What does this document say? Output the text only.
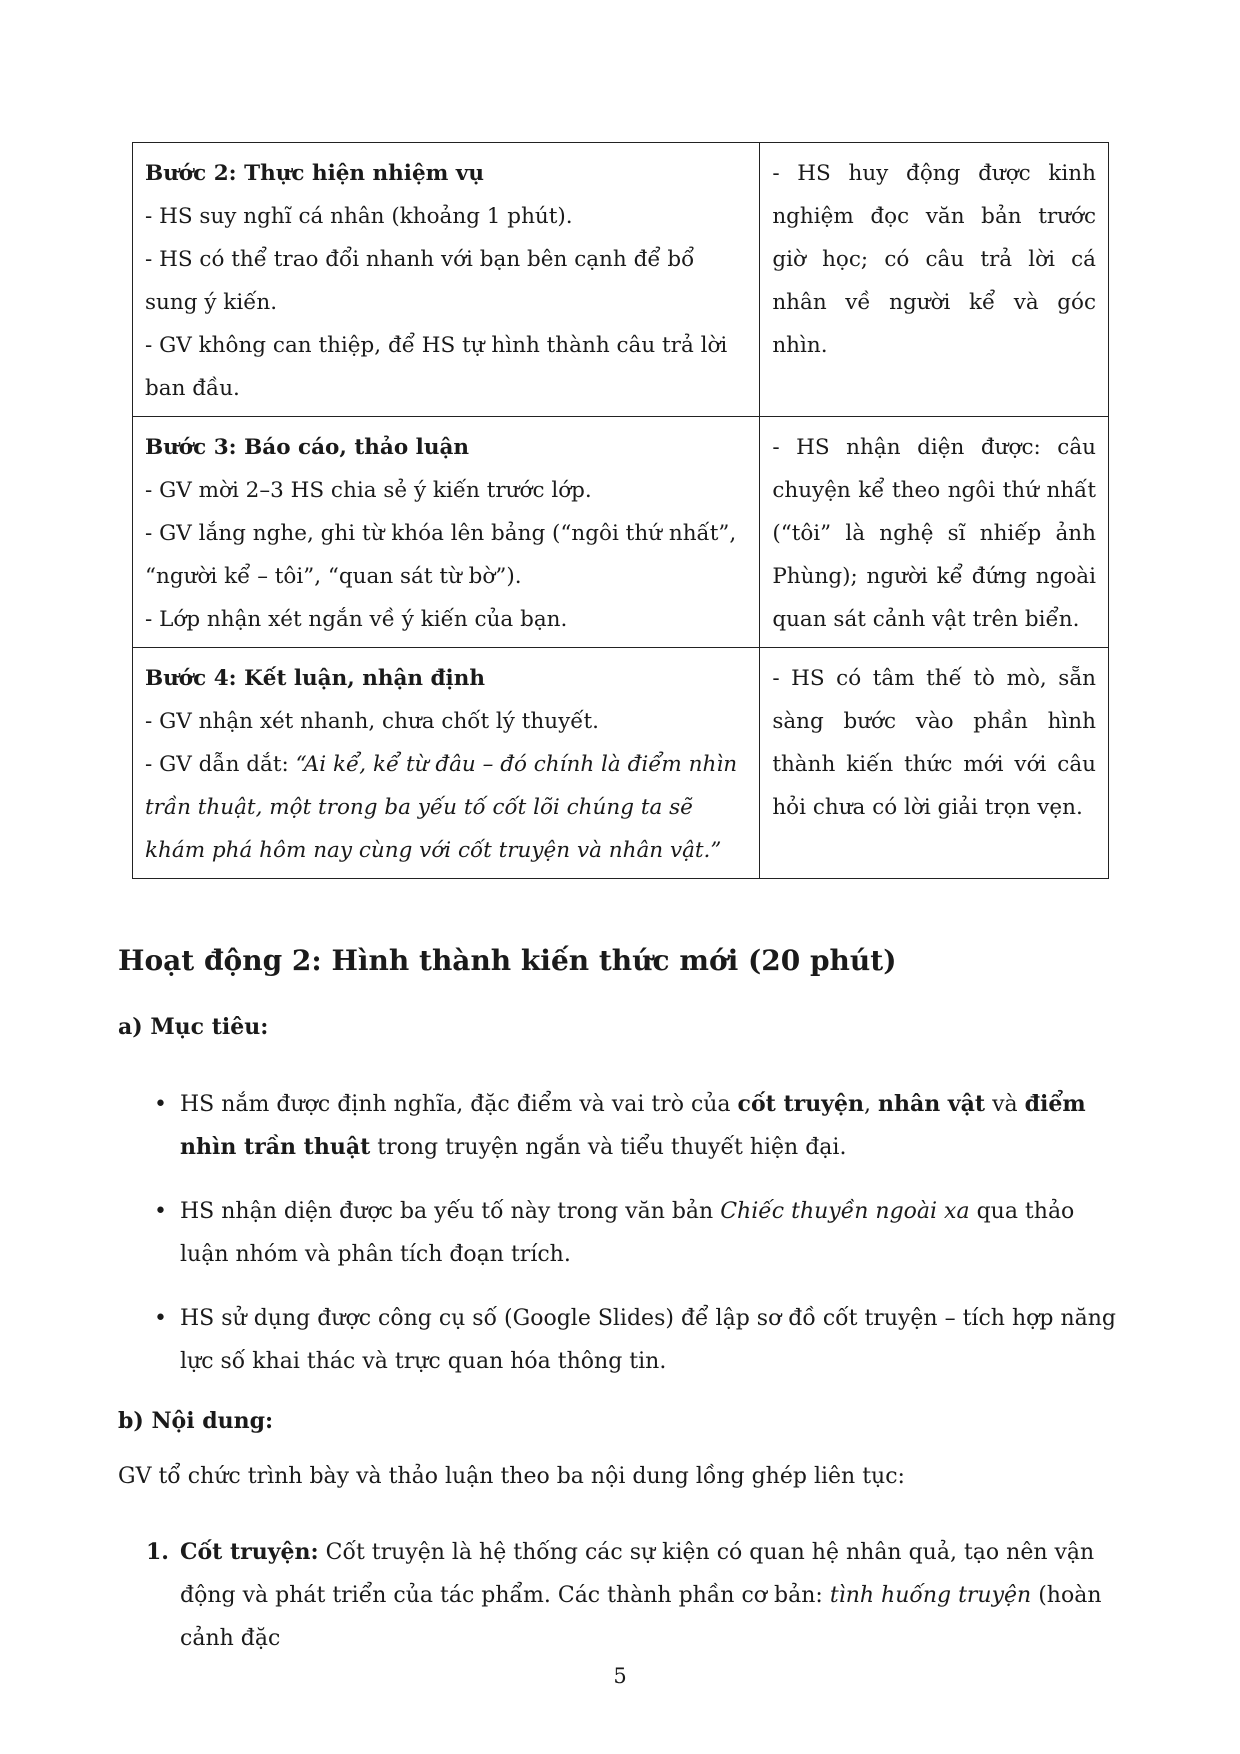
Bước 2: Thực hiện nhiệm vụ
- HS suy nghĩ cá nhân (khoảng 1 phút).
- HS có thể trao đổi nhanh với bạn bên cạnh để bổ sung ý kiến.
- GV không can thiệp, để HS tự hình thành câu trả lời ban đầu.	- HS huy động được kinh nghiệm đọc văn bản trước giờ học; có câu trả lời cá nhân về người kể và góc nhìn.

Bước 3: Báo cáo, thảo luận
- GV mời 2–3 HS chia sẻ ý kiến trước lớp.
- GV lắng nghe, ghi từ khóa lên bảng (“ngôi thứ nhất”, “người kể – tôi”, “quan sát từ bờ”).
- Lớp nhận xét ngắn về ý kiến của bạn.	- HS nhận diện được: câu chuyện kể theo ngôi thứ nhất (“tôi” là nghệ sĩ nhiếp ảnh Phùng); người kể đứng ngoài quan sát cảnh vật trên biển.

Bước 4: Kết luận, nhận định
- GV nhận xét nhanh, chưa chốt lý thuyết.
- GV dẫn dắt: “Ai kể, kể từ đâu – đó chính là điểm nhìn trần thuật, một trong ba yếu tố cốt lõi chúng ta sẽ khám phá hôm nay cùng với cốt truyện và nhân vật.”	- HS có tâm thế tò mò, sẵn sàng bước vào phần hình thành kiến thức mới với câu hỏi chưa có lời giải trọn vẹn.
Hoạt động 2: Hình thành kiến thức mới (20 phút)
a) Mục tiêu:
• HS nắm được định nghĩa, đặc điểm và vai trò của cốt truyện, nhân vật và điểm nhìn trần thuật trong truyện ngắn và tiểu thuyết hiện đại.
• HS nhận diện được ba yếu tố này trong văn bản Chiếc thuyền ngoài xa qua thảo luận nhóm và phân tích đoạn trích.
• HS sử dụng được công cụ số (Google Slides) để lập sơ đồ cốt truyện – tích hợp năng lực số khai thác và trực quan hóa thông tin.
b) Nội dung:

GV tổ chức trình bày và thảo luận theo ba nội dung lồng ghép liên tục:

1. Cốt truyện: Cốt truyện là hệ thống các sự kiện có quan hệ nhân quả, tạo nên vận động và phát triển của tác phẩm. Các thành phần cơ bản: tình huống truyện (hoàn cảnh đặc
5
